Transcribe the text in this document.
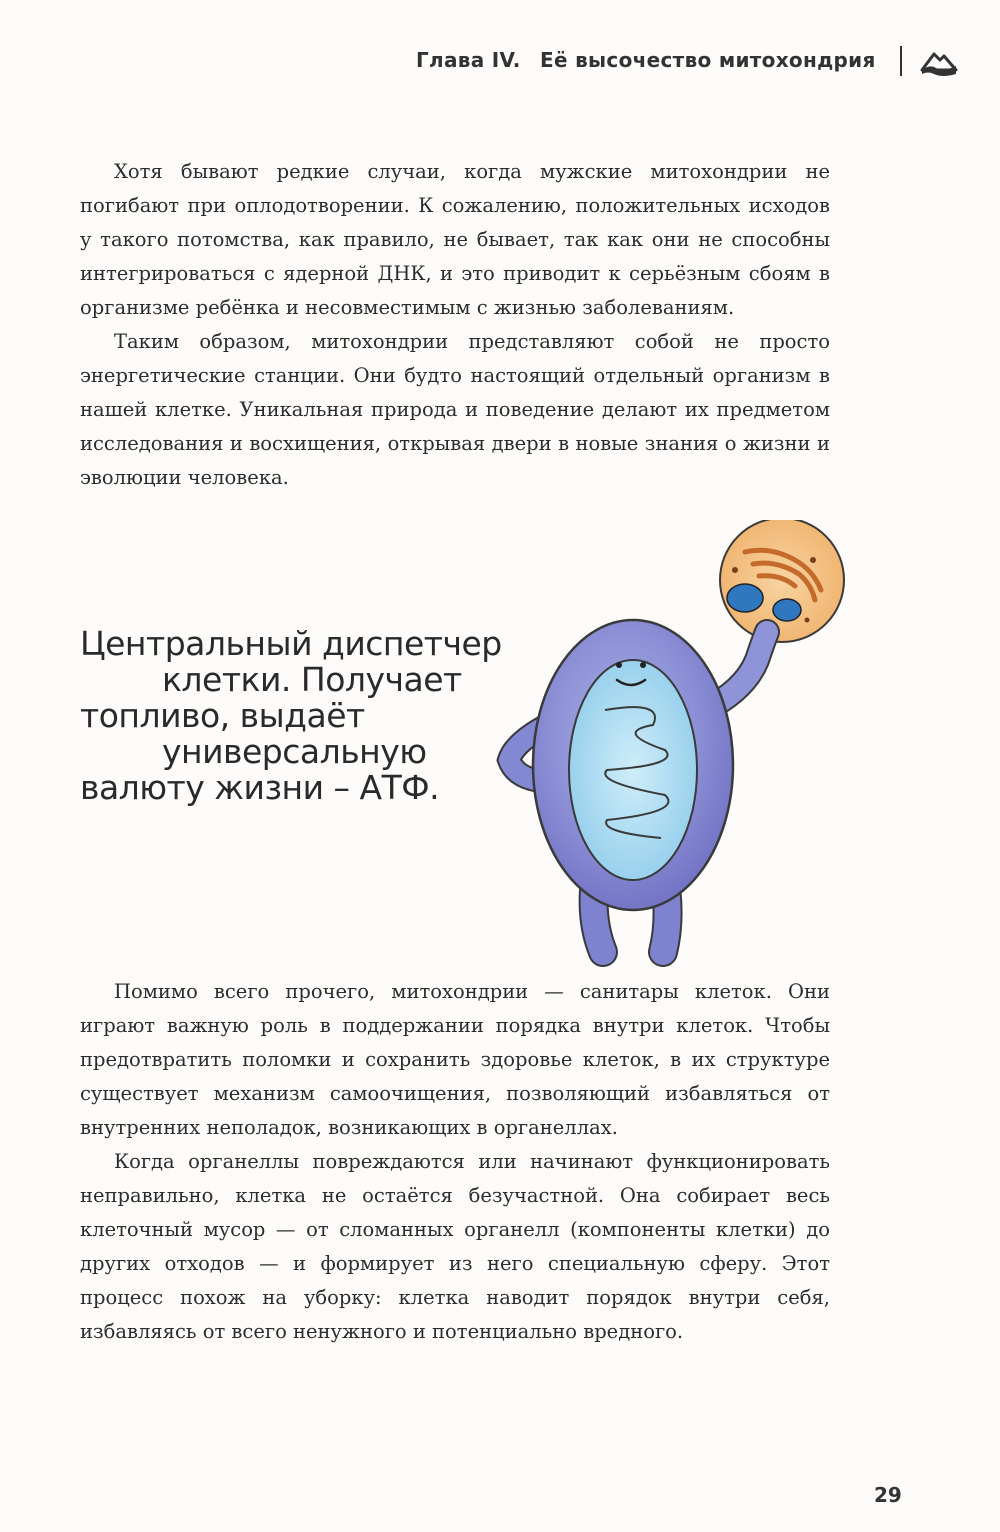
Глава IV. Её высочество митохондрия

Хотя бывают редкие случаи, когда мужские митохондрии не погибают при оплодотворении. К сожалению, положительных исходов у такого потомства, как правило, не бывает, так как они не способны интегрироваться с ядерной ДНК, и это приводит к серьёзным сбоям в организме ребёнка и несовместимым с жизнью заболеваниям.

Таким образом, митохондрии представляют собой не просто энергетические станции. Они будто настоящий отдельный организм в нашей клетке. Уникальная природа и поведение делают их предметом исследования и восхищения, открывая двери в новые знания о жизни и эволюции человека.

Центральный диспетчер
клетки. Получает
топливо, выдаёт
универсальную
валюту жизни – АТФ.

Помимо всего прочего, митохондрии — санитары клеток. Они играют важную роль в поддержании порядка внутри клеток. Чтобы предотвратить поломки и сохранить здоровье клеток, в их структуре существует механизм самоочищения, позволяющий избавляться от внутренних неполадок, возникающих в органеллах.

Когда органеллы повреждаются или начинают функционировать неправильно, клетка не остаётся безучастной. Она собирает весь клеточный мусор — от сломанных органелл (компоненты клетки) до других отходов — и формирует из него специальную сферу. Этот процесс похож на уборку: клетка наводит порядок внутри себя, избавляясь от всего ненужного и потенциально вредного.

29
